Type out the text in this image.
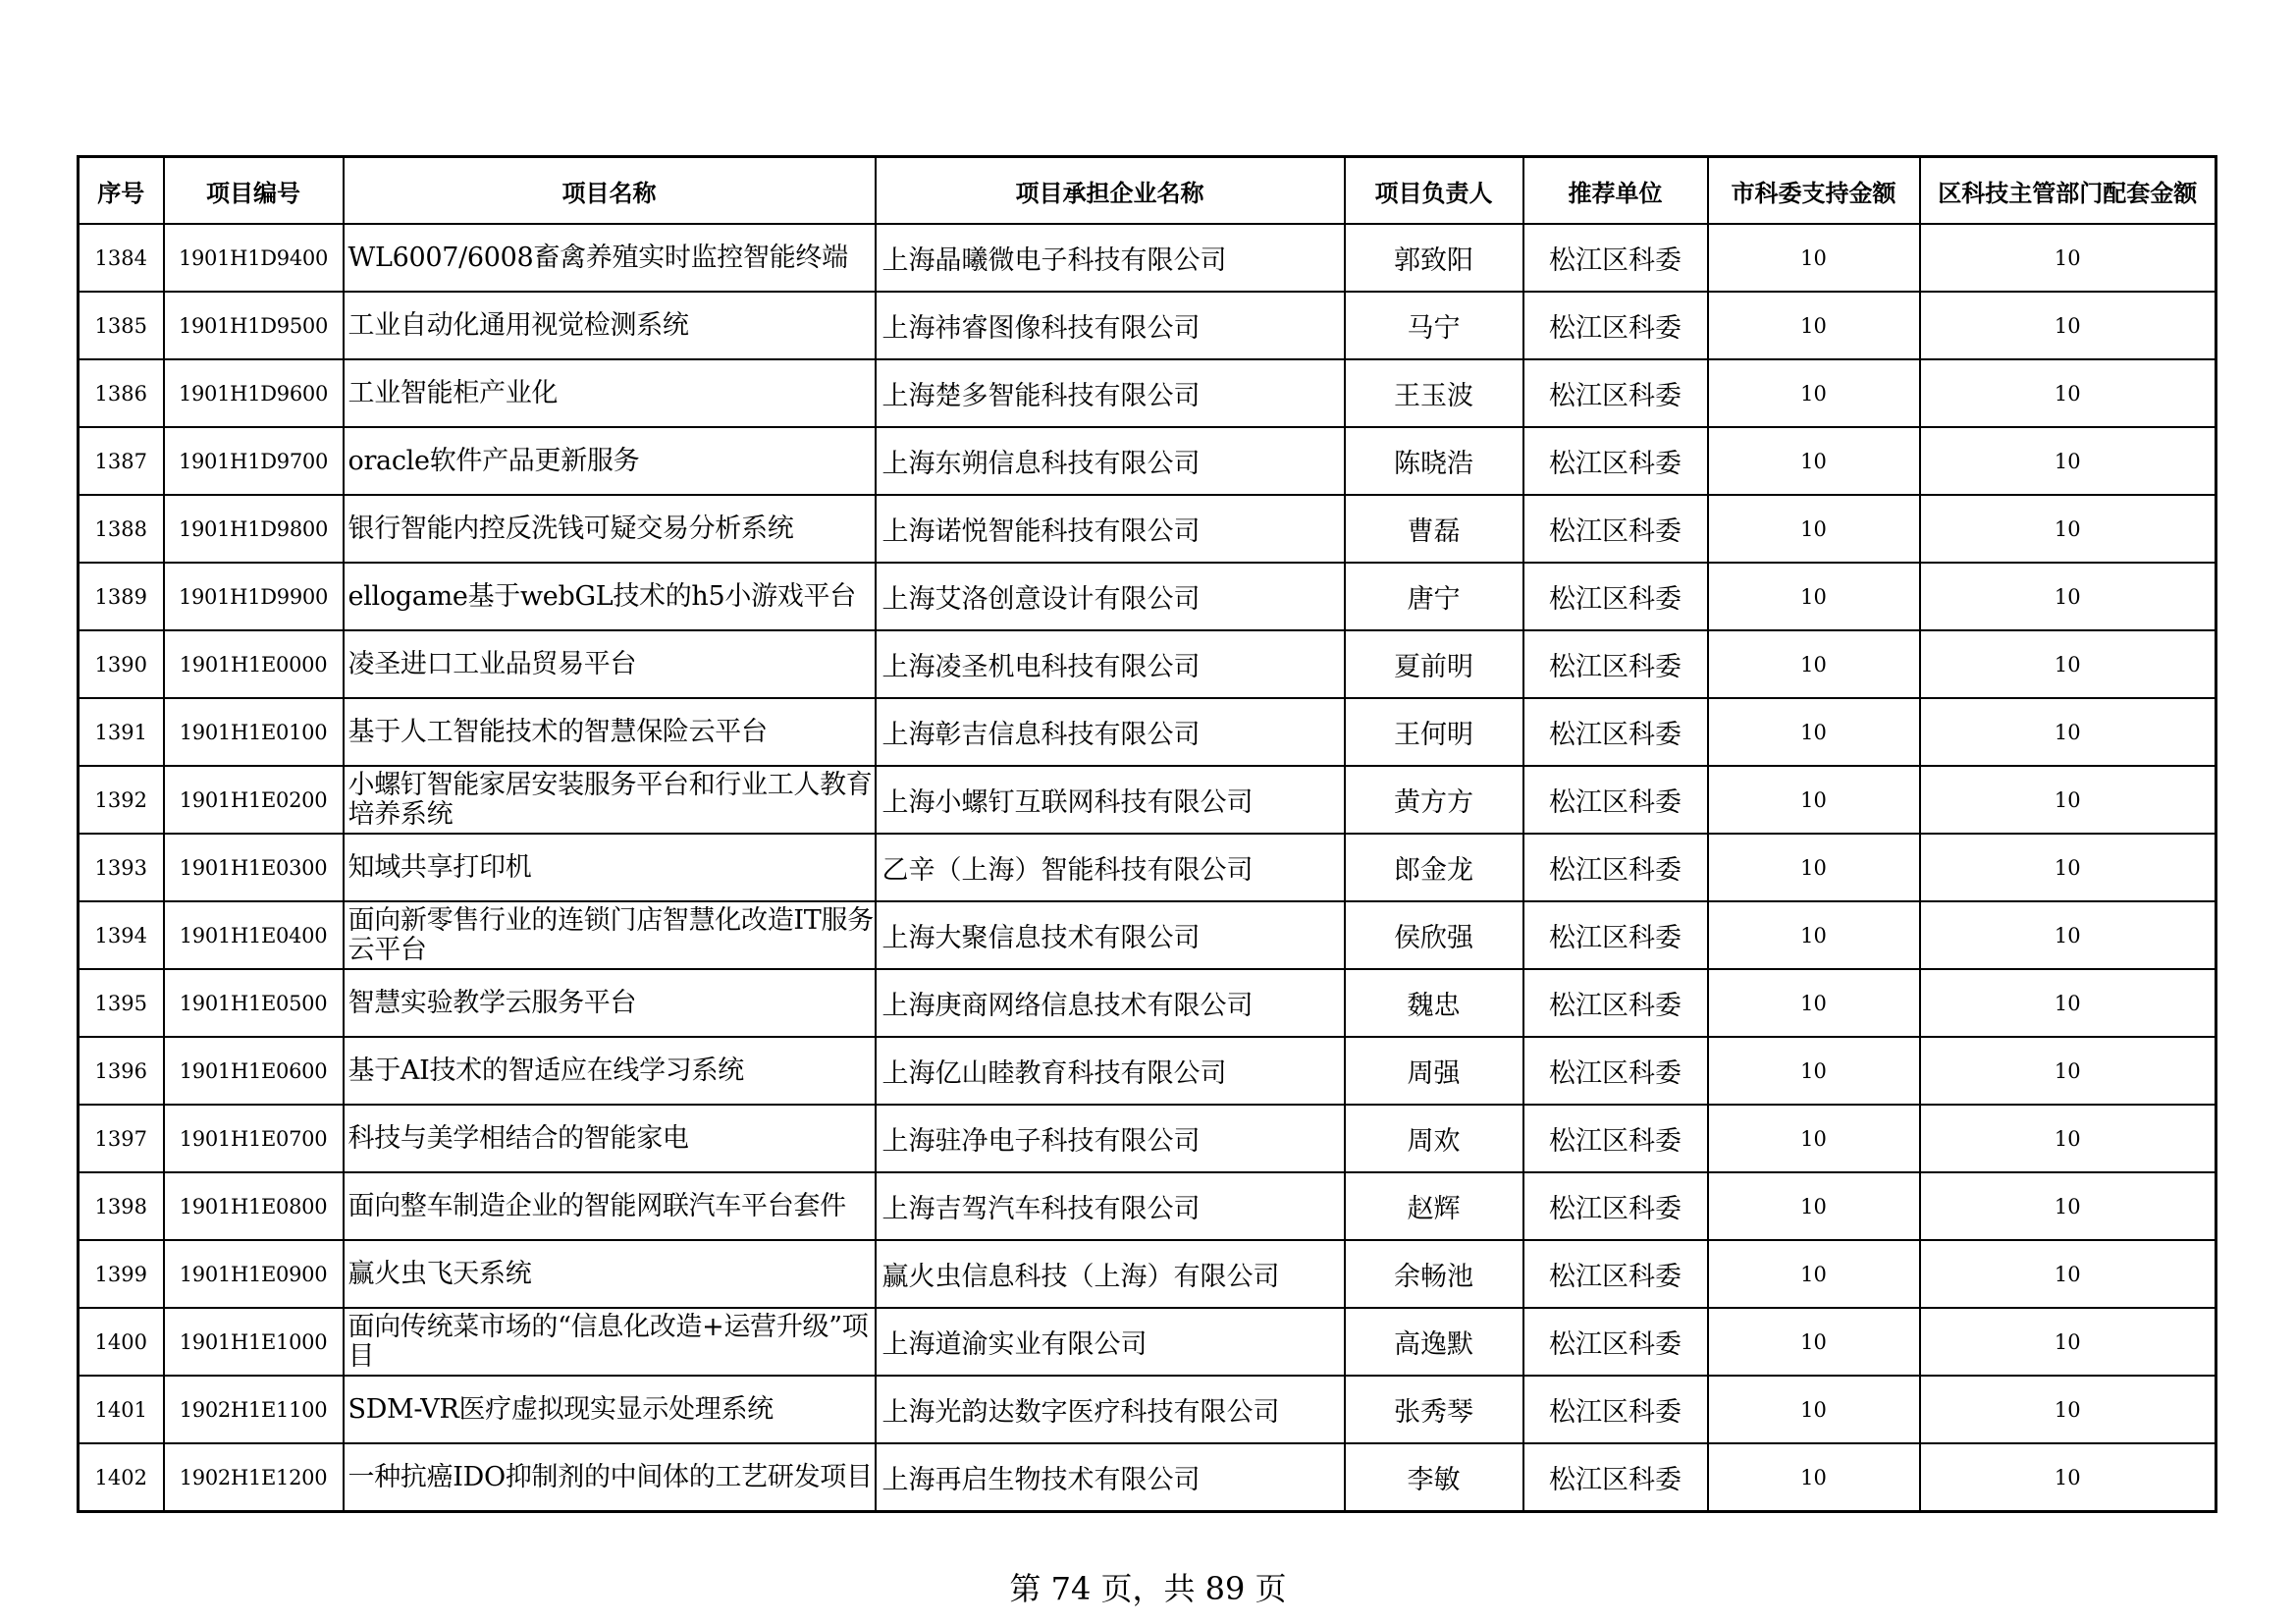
序号	项目编号	项目名称	项目承担企业名称	项目负责人	推荐单位	市科委支持金额	区科技主管部门配套金额
1384	1901H1D9400	WL6007/6008畜禽养殖实时监控智能终端	上海晶曦微电子科技有限公司	郭致阳	松江区科委	10	10
1385	1901H1D9500	工业自动化通用视觉检测系统	上海祎睿图像科技有限公司	马宁	松江区科委	10	10
1386	1901H1D9600	工业智能柜产业化	上海楚多智能科技有限公司	王玉波	松江区科委	10	10
1387	1901H1D9700	oracle软件产品更新服务	上海东朔信息科技有限公司	陈晓浩	松江区科委	10	10
1388	1901H1D9800	银行智能内控反洗钱可疑交易分析系统	上海诺悦智能科技有限公司	曹磊	松江区科委	10	10
1389	1901H1D9900	ellogame基于webGL技术的h5小游戏平台	上海艾洛创意设计有限公司	唐宁	松江区科委	10	10
1390	1901H1E0000	凌圣进口工业品贸易平台	上海凌圣机电科技有限公司	夏前明	松江区科委	10	10
1391	1901H1E0100	基于人工智能技术的智慧保险云平台	上海彰吉信息科技有限公司	王何明	松江区科委	10	10
1392	1901H1E0200	小螺钉智能家居安装服务平台和行业工人教育培养系统	上海小螺钉互联网科技有限公司	黄方方	松江区科委	10	10
1393	1901H1E0300	知域共享打印机	乙辛（上海）智能科技有限公司	郎金龙	松江区科委	10	10
1394	1901H1E0400	面向新零售行业的连锁门店智慧化改造IT服务云平台	上海大聚信息技术有限公司	侯欣强	松江区科委	10	10
1395	1901H1E0500	智慧实验教学云服务平台	上海庚商网络信息技术有限公司	魏忠	松江区科委	10	10
1396	1901H1E0600	基于AI技术的智适应在线学习系统	上海亿山睦教育科技有限公司	周强	松江区科委	10	10
1397	1901H1E0700	科技与美学相结合的智能家电	上海驻净电子科技有限公司	周欢	松江区科委	10	10
1398	1901H1E0800	面向整车制造企业的智能网联汽车平台套件	上海吉驾汽车科技有限公司	赵辉	松江区科委	10	10
1399	1901H1E0900	赢火虫飞天系统	赢火虫信息科技（上海）有限公司	余畅池	松江区科委	10	10
1400	1901H1E1000	面向传统菜市场的“信息化改造+运营升级”项目	上海道渝实业有限公司	高逸默	松江区科委	10	10
1401	1902H1E1100	SDM-VR医疗虚拟现实显示处理系统	上海光韵达数字医疗科技有限公司	张秀琴	松江区科委	10	10
1402	1902H1E1200	一种抗癌IDO抑制剂的中间体的工艺研发项目	上海再启生物技术有限公司	李敏	松江区科委	10	10
第 74 页，共 89 页
